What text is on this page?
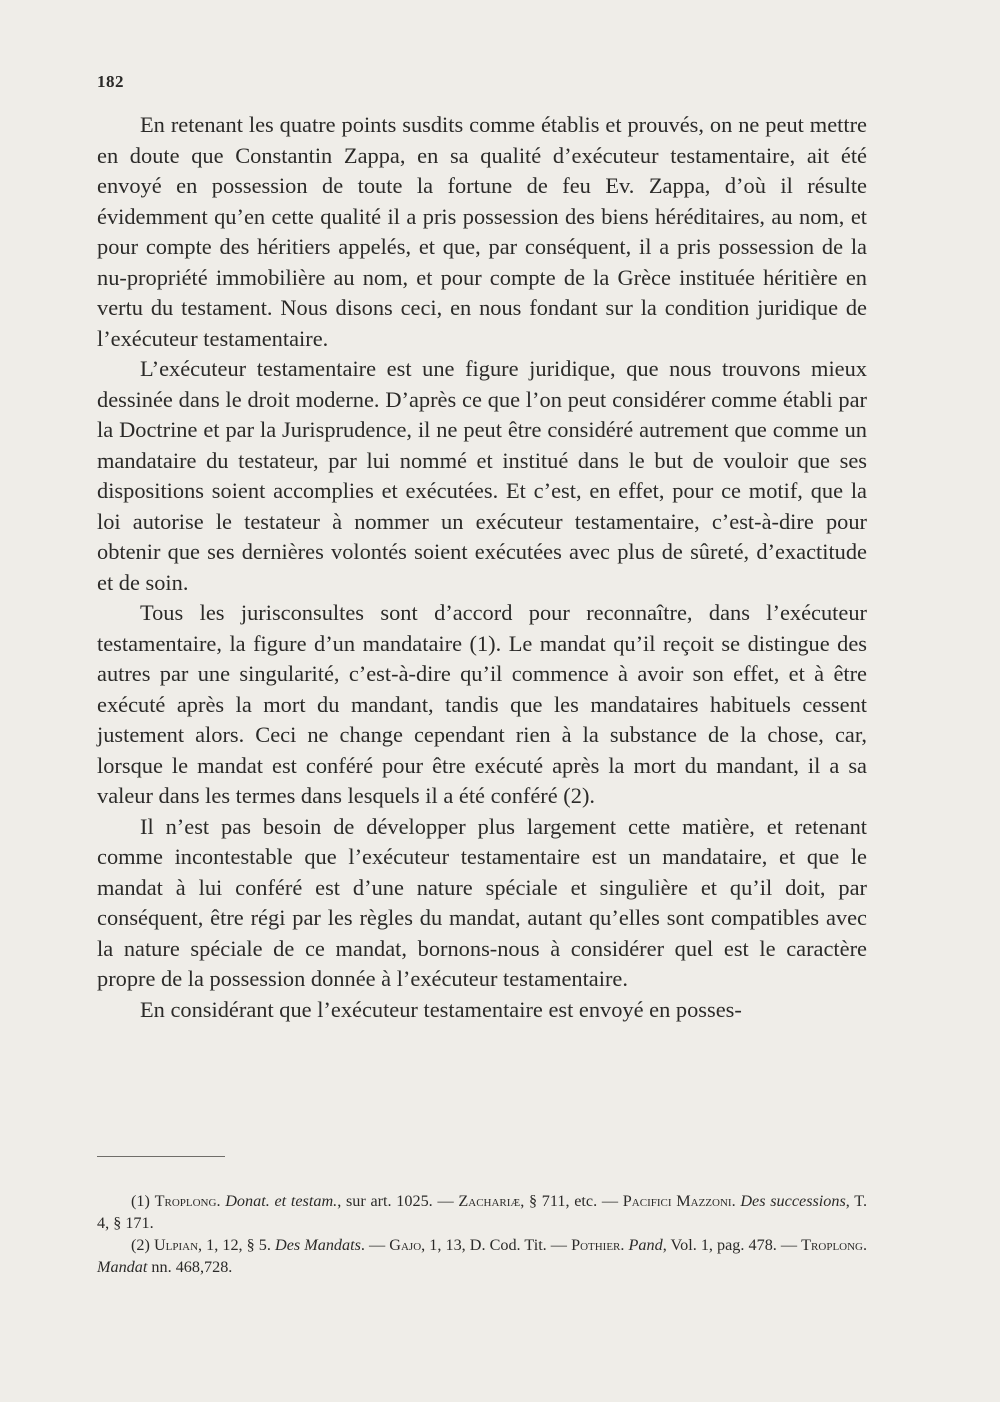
182

En retenant les quatre points susdits comme établis et prouvés, on ne peut mettre en doute que Constantin Zappa, en sa qualité d’exécuteur testamentaire, ait été envoyé en possession de toute la fortune de feu Ev. Zappa, d’où il résulte évidemment qu’en cette qualité il a pris possession des biens héréditaires, au nom, et pour compte des héritiers appelés, et que, par conséquent, il a pris possession de la nu-propriété immobilière au nom, et pour compte de la Grèce instituée héritière en vertu du testament. Nous disons ceci, en nous fondant sur la condition juridique de l’exécuteur testamentaire.

L’exécuteur testamentaire est une figure juridique, que nous trouvons mieux dessinée dans le droit moderne. D’après ce que l’on peut considérer comme établi par la Doctrine et par la Jurisprudence, il ne peut être considéré autrement que comme un mandataire du testateur, par lui nommé et institué dans le but de vouloir que ses dispositions soient accomplies et exécutées. Et c’est, en effet, pour ce motif, que la loi autorise le testateur à nommer un exécuteur testamentaire, c’est-à-dire pour obtenir que ses dernières volontés soient exécutées avec plus de sûreté, d’exactitude et de soin.

Tous les jurisconsultes sont d’accord pour reconnaître, dans l’exécuteur testamentaire, la figure d’un mandataire (1). Le mandat qu’il reçoit se distingue des autres par une singularité, c’est-à-dire qu’il commence à avoir son effet, et à être exécuté après la mort du mandant, tandis que les mandataires habituels cessent justement alors. Ceci ne change cependant rien à la substance de la chose, car, lorsque le mandat est conféré pour être exécuté après la mort du mandant, il a sa valeur dans les termes dans lesquels il a été conféré (2).

Il n’est pas besoin de développer plus largement cette matière, et retenant comme incontestable que l’exécuteur testamentaire est un mandataire, et que le mandat à lui conféré est d’une nature spéciale et singulière et qu’il doit, par conséquent, être régi par les règles du mandat, autant qu’elles sont compatibles avec la nature spéciale de ce mandat, bornons-nous à considérer quel est le caractère propre de la possession donnée à l’exécuteur testamentaire.

En considérant que l’exécuteur testamentaire est envoyé en posses-

(1) Troplong. Donat. et testam., sur art. 1025. — Zachariæ, § 711, etc. — Pacifici Mazzoni. Des successions, T. 4, § 171.

(2) Ulpian, 1, 12, § 5. Des Mandats. — Gajo, 1, 13, D. Cod. Tit. — Pothier. Pand, Vol. 1, pag. 478. — Troplong. Mandat nn. 468,728.
